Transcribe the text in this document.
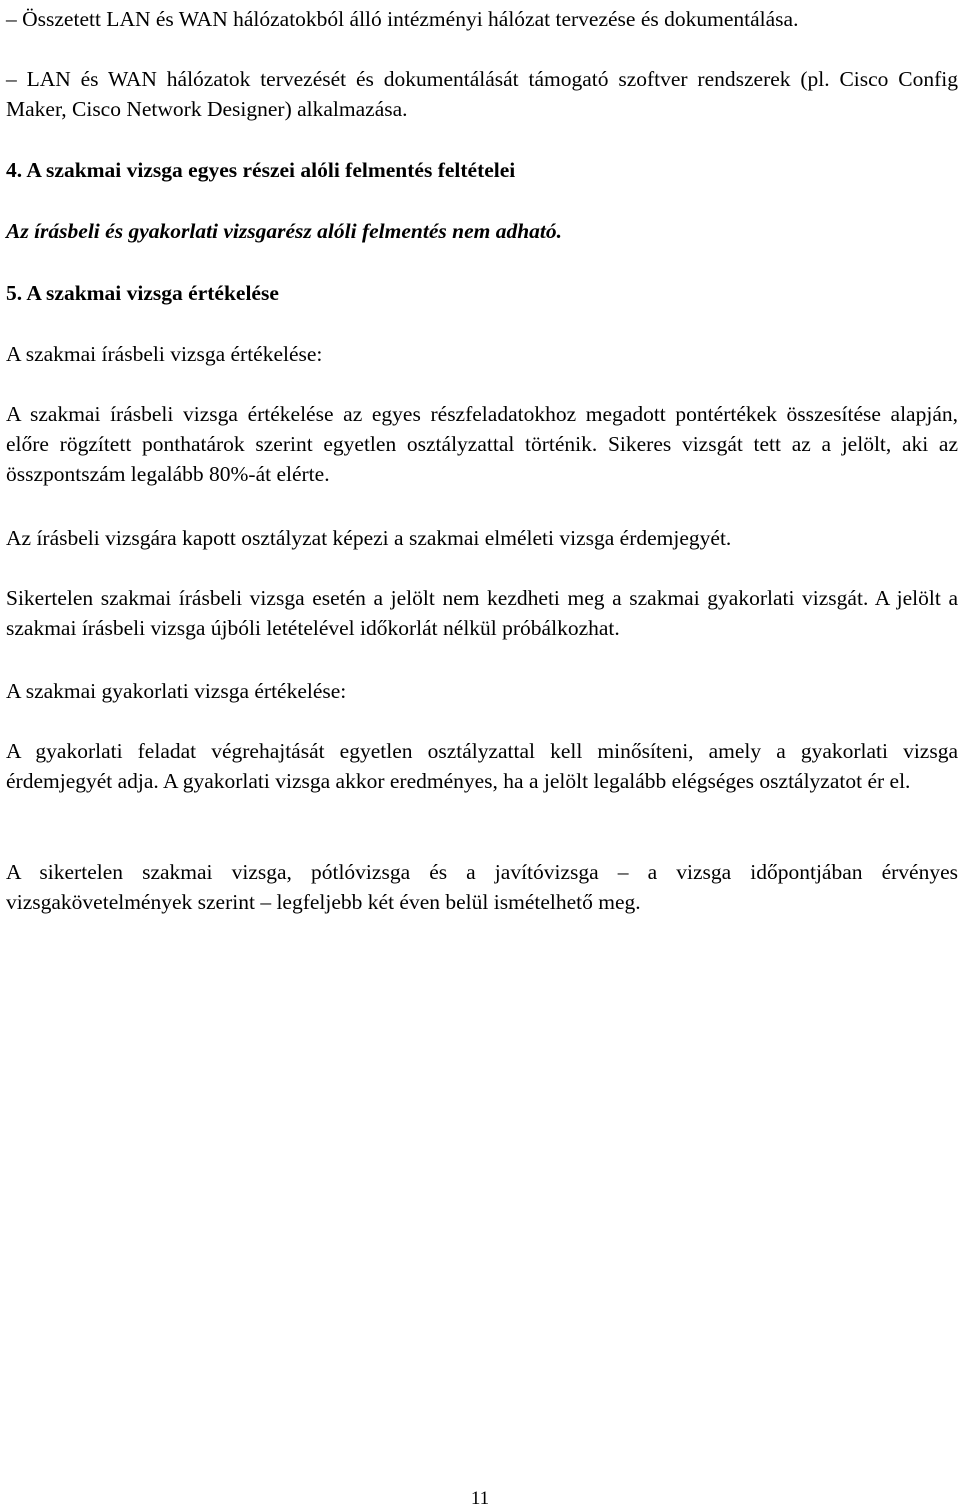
– Összetett LAN és WAN hálózatokból álló intézményi hálózat tervezése és dokumentálása.

– LAN és WAN hálózatok tervezését és dokumentálását támogató szoftver rendszerek (pl. Cisco Config Maker, Cisco Network Designer) alkalmazása.

4. A szakmai vizsga egyes részei alóli felmentés feltételei

Az írásbeli és gyakorlati vizsgarész alóli felmentés nem adható.

5. A szakmai vizsga értékelése

A szakmai írásbeli vizsga értékelése:

A szakmai írásbeli vizsga értékelése az egyes részfeladatokhoz megadott pontértékek összesítése alapján, előre rögzített ponthatárok szerint egyetlen osztályzattal történik. Sikeres vizsgát tett az a jelölt, aki az összpontszám legalább 80%-át elérte.

Az írásbeli vizsgára kapott osztályzat képezi a szakmai elméleti vizsga érdemjegyét.

Sikertelen szakmai írásbeli vizsga esetén a jelölt nem kezdheti meg a szakmai gyakorlati vizsgát. A jelölt a szakmai írásbeli vizsga újbóli letételével időkorlát nélkül próbálkozhat.

A szakmai gyakorlati vizsga értékelése:

A gyakorlati feladat végrehajtását egyetlen osztályzattal kell minősíteni, amely a gyakorlati vizsga érdemjegyét adja. A gyakorlati vizsga akkor eredményes, ha a jelölt legalább elégséges osztályzatot ér el.

A sikertelen szakmai vizsga, pótlóvizsga és a javítóvizsga – a vizsga időpontjában érvényes vizsgakövetelmények szerint – legfeljebb két éven belül ismételhető meg.

11
